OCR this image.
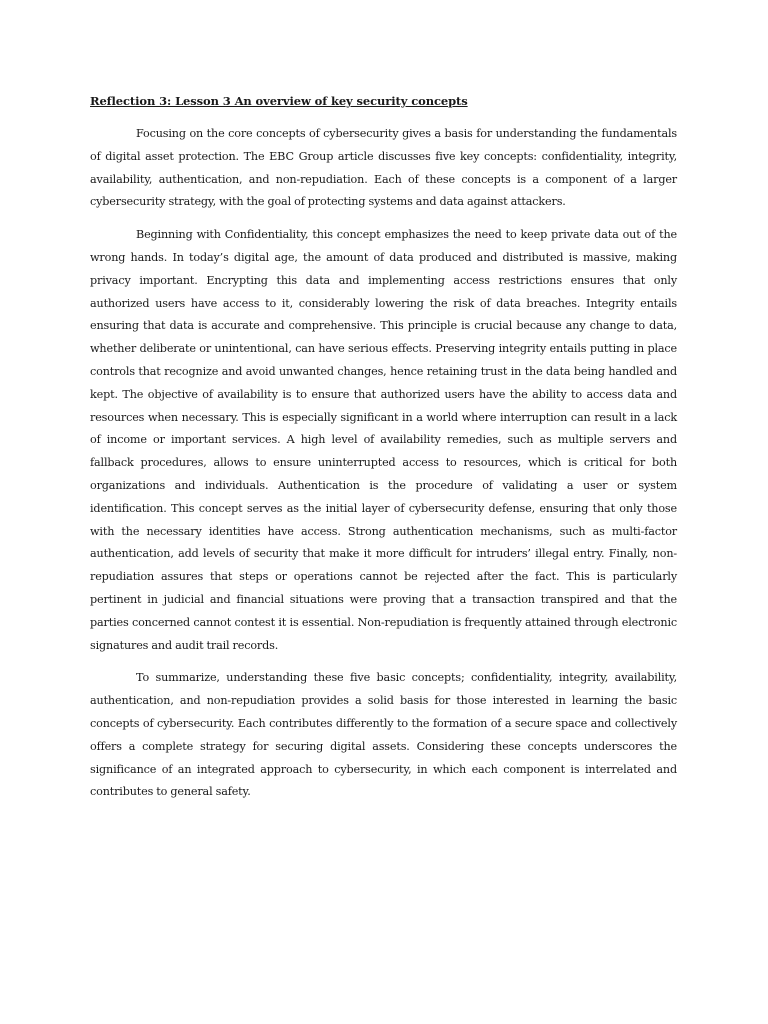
Reflection 3: Lesson 3 An overview of key security concepts

Focusing on the core concepts of cybersecurity gives a basis for understanding the fundamentals of digital asset protection. The EBC Group article discusses five key concepts: confidentiality, integrity, availability, authentication, and non-repudiation. Each of these concepts is a component of a larger cybersecurity strategy, with the goal of protecting systems and data against attackers.

Beginning with Confidentiality, this concept emphasizes the need to keep private data out of the wrong hands. In today’s digital age, the amount of data produced and distributed is massive, making privacy important. Encrypting this data and implementing access restrictions ensures that only authorized users have access to it, considerably lowering the risk of data breaches. Integrity entails ensuring that data is accurate and comprehensive. This principle is crucial because any change to data, whether deliberate or unintentional, can have serious effects. Preserving integrity entails putting in place controls that recognize and avoid unwanted changes, hence retaining trust in the data being handled and kept. The objective of availability is to ensure that authorized users have the ability to access data and resources when necessary. This is especially significant in a world where interruption can result in a lack of income or important services. A high level of availability remedies, such as multiple servers and fallback procedures, allows to ensure uninterrupted access to resources, which is critical for both organizations and individuals. Authentication is the procedure of validating a user or system identification. This concept serves as the initial layer of cybersecurity defense, ensuring that only those with the necessary identities have access. Strong authentication mechanisms, such as multi-factor authentication, add levels of security that make it more difficult for intruders’ illegal entry. Finally, non-repudiation assures that steps or operations cannot be rejected after the fact. This is particularly pertinent in judicial and financial situations were proving that a transaction transpired and that the parties concerned cannot contest it is essential. Non-repudiation is frequently attained through electronic signatures and audit trail records.

To summarize, understanding these five basic concepts; confidentiality, integrity, availability, authentication, and non-repudiation provides a solid basis for those interested in learning the basic concepts of cybersecurity. Each contributes differently to the formation of a secure space and collectively offers a complete strategy for securing digital assets. Considering these concepts underscores the significance of an integrated approach to cybersecurity, in which each component is interrelated and contributes to general safety.
